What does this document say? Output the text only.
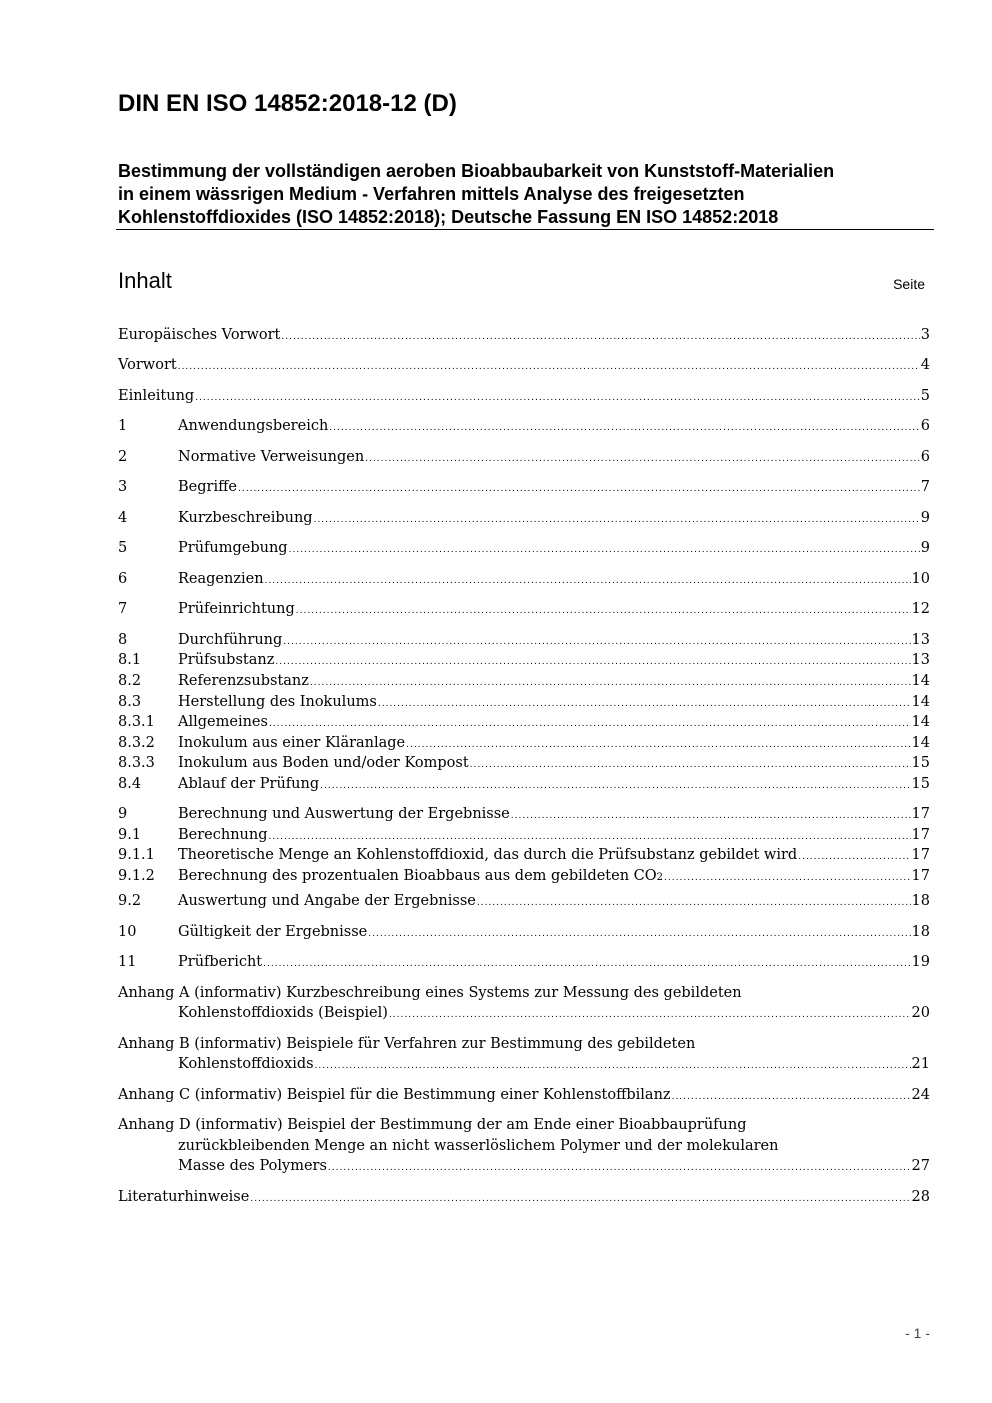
DIN EN ISO 14852:2018-12 (D)
Bestimmung der vollständigen aeroben Bioabbaubarkeit von Kunststoff-Materialien
in einem wässrigen Medium - Verfahren mittels Analyse des freigesetzten
Kohlenstoffdioxides (ISO 14852:2018); Deutsche Fassung EN ISO 14852:2018
Inhalt	Seite
Europäisches Vorwort .....	3
Vorwort .....	4
Einleitung .....	5
1	Anwendungsbereich .....	6
2	Normative Verweisungen .....	6
3	Begriffe .....	7
4	Kurzbeschreibung .....	9
5	Prüfumgebung .....	9
6	Reagenzien .....	10
7	Prüfeinrichtung .....	12
8	Durchführung .....	13
8.1	Prüfsubstanz .....	13
8.2	Referenzsubstanz .....	14
8.3	Herstellung des Inokulums .....	14
8.3.1	Allgemeines .....	14
8.3.2	Inokulum aus einer Kläranlage .....	14
8.3.3	Inokulum aus Boden und/oder Kompost .....	15
8.4	Ablauf der Prüfung .....	15
9	Berechnung und Auswertung der Ergebnisse .....	17
9.1	Berechnung .....	17
9.1.1	Theoretische Menge an Kohlenstoffdioxid, das durch die Prüfsubstanz gebildet wird .....	17
9.1.2	Berechnung des prozentualen Bioabbaus aus dem gebildeten CO 2 .....	17
9.2	Auswertung und Angabe der Ergebnisse .....	18
10	Gültigkeit der Ergebnisse .....	18
11	Prüfbericht .....	19
Anhang A (informativ) Kurzbeschreibung eines Systems zur Messung des gebildeten
Kohlenstoffdioxids (Beispiel) .....	20
Anhang B (informativ) Beispiele für Verfahren zur Bestimmung des gebildeten
Kohlenstoffdioxids .....	21
Anhang C (informativ) Beispiel für die Bestimmung einer Kohlenstoffbilanz .....	24
Anhang D (informativ) Beispiel der Bestimmung der am Ende einer Bioabbauprüfung
zurückbleibenden Menge an nicht wasserlöslichem Polymer und der molekularen
Masse des Polymers .....	27
Literaturhinweise .....	28
- 1 -
